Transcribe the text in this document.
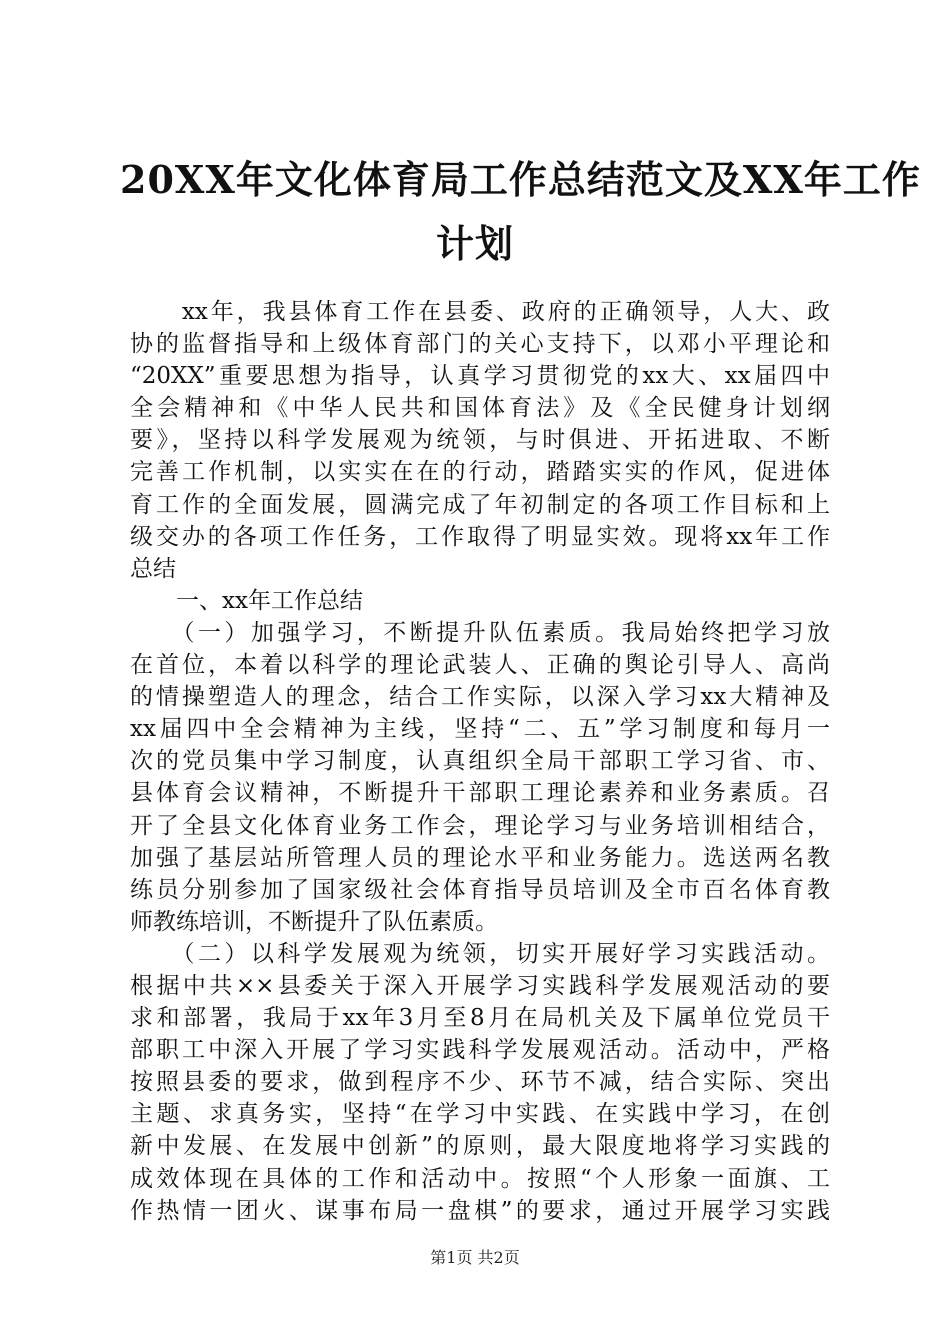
20XX年文化体育局工作总结范文及XX年工作
计划
　　xx年，我县体育工作在县委、政府的正确领导，人大、政
协的监督指导和上级体育部门的关心支持下，以邓小平理论和
“20XX”重要思想为指导，认真学习贯彻党的xx大、xx届四中
全会精神和《中华人民共和国体育法》及《全民健身计划纲
要》，坚持以科学发展观为统领，与时俱进、开拓进取、不断
完善工作机制，以实实在在的行动，踏踏实实的作风，促进体
育工作的全面发展，圆满完成了年初制定的各项工作目标和上
级交办的各项工作任务，工作取得了明显实效。现将xx年工作
总结
　　一、xx年工作总结
　　（一）加强学习，不断提升队伍素质。我局始终把学习放
在首位，本着以科学的理论武装人、正确的舆论引导人、高尚
的情操塑造人的理念，结合工作实际，以深入学习xx大精神及
xx届四中全会精神为主线，坚持“二、五”学习制度和每月一
次的党员集中学习制度，认真组织全局干部职工学习省、市、
县体育会议精神，不断提升干部职工理论素养和业务素质。召
开了全县文化体育业务工作会，理论学习与业务培训相结合，
加强了基层站所管理人员的理论水平和业务能力。选送两名教
练员分别参加了国家级社会体育指导员培训及全市百名体育教
师教练培训，不断提升了队伍素质。
　　（二）以科学发展观为统领，切实开展好学习实践活动。
根据中共××县委关于深入开展学习实践科学发展观活动的要
求和部署，我局于xx年3月至8月在局机关及下属单位党员干
部职工中深入开展了学习实践科学发展观活动。活动中，严格
按照县委的要求，做到程序不少、环节不减，结合实际、突出
主题、求真务实，坚持“在学习中实践、在实践中学习，在创
新中发展、在发展中创新”的原则，最大限度地将学习实践的
成效体现在具体的工作和活动中。按照“个人形象一面旗、工
作热情一团火、谋事布局一盘棋”的要求，通过开展学习实践
第1页 共2页
